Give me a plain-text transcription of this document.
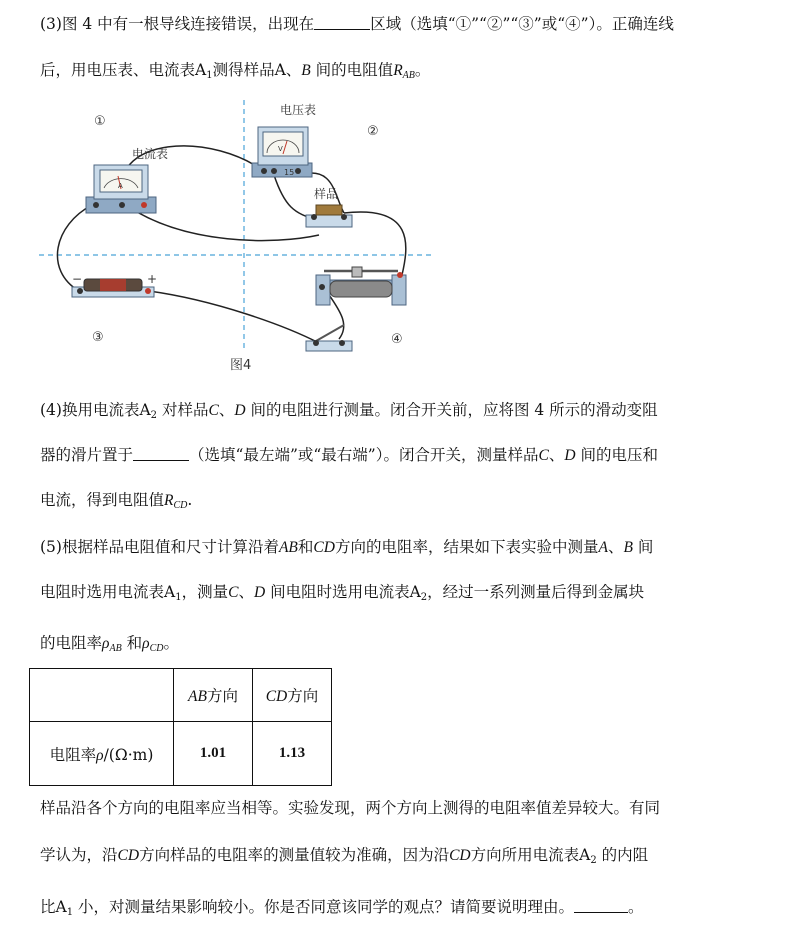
(3)图 4 中有一根导线连接错误，出现在	区域（选填“①”“②”“③”或“④”）。正确连线
后，用电压表、电流表$A_1$测得样品A、B 间的电阻值$R_{AB}$。
A
电流表	V
15
电压表
样品
−	+
①
②
③	④
图4
(4)换用电流表$A_2$ 对样品C、D 间的电阻进行测量。闭合开关前，应将图 4 所示的滑动变阻
器的滑片置于	（选填“最左端”或“最右端”）。闭合开关，测量样品C、D 间的电压和
电流，得到电阻值$R_{CD}$.
(5)根据样品电阻值和尺寸计算沿着AB和CD方向的电阻率，结果如下表实验中测量A、B 间
电阻时选用电流表$A_1$，测量C、D 间电阻时选用电流表$A_2$，经过一系列测量后得到金属块
的电阻率$\rho_{AB}$ 和$\rho_{CD}$。
	AB方向	CD方向
电阻率ρ/(Ω·m)	1.01	1.13
样品沿各个方向的电阻率应当相等。实验发现，两个方向上测得的电阻率值差异较大。有同
学认为，沿CD方向样品的电阻率的测量值较为准确，因为沿CD方向所用电流表$A_2$ 的内阻
比$A_1$ 小，对测量结果影响较小。你是否同意该同学的观点？请简要说明理由。	。
